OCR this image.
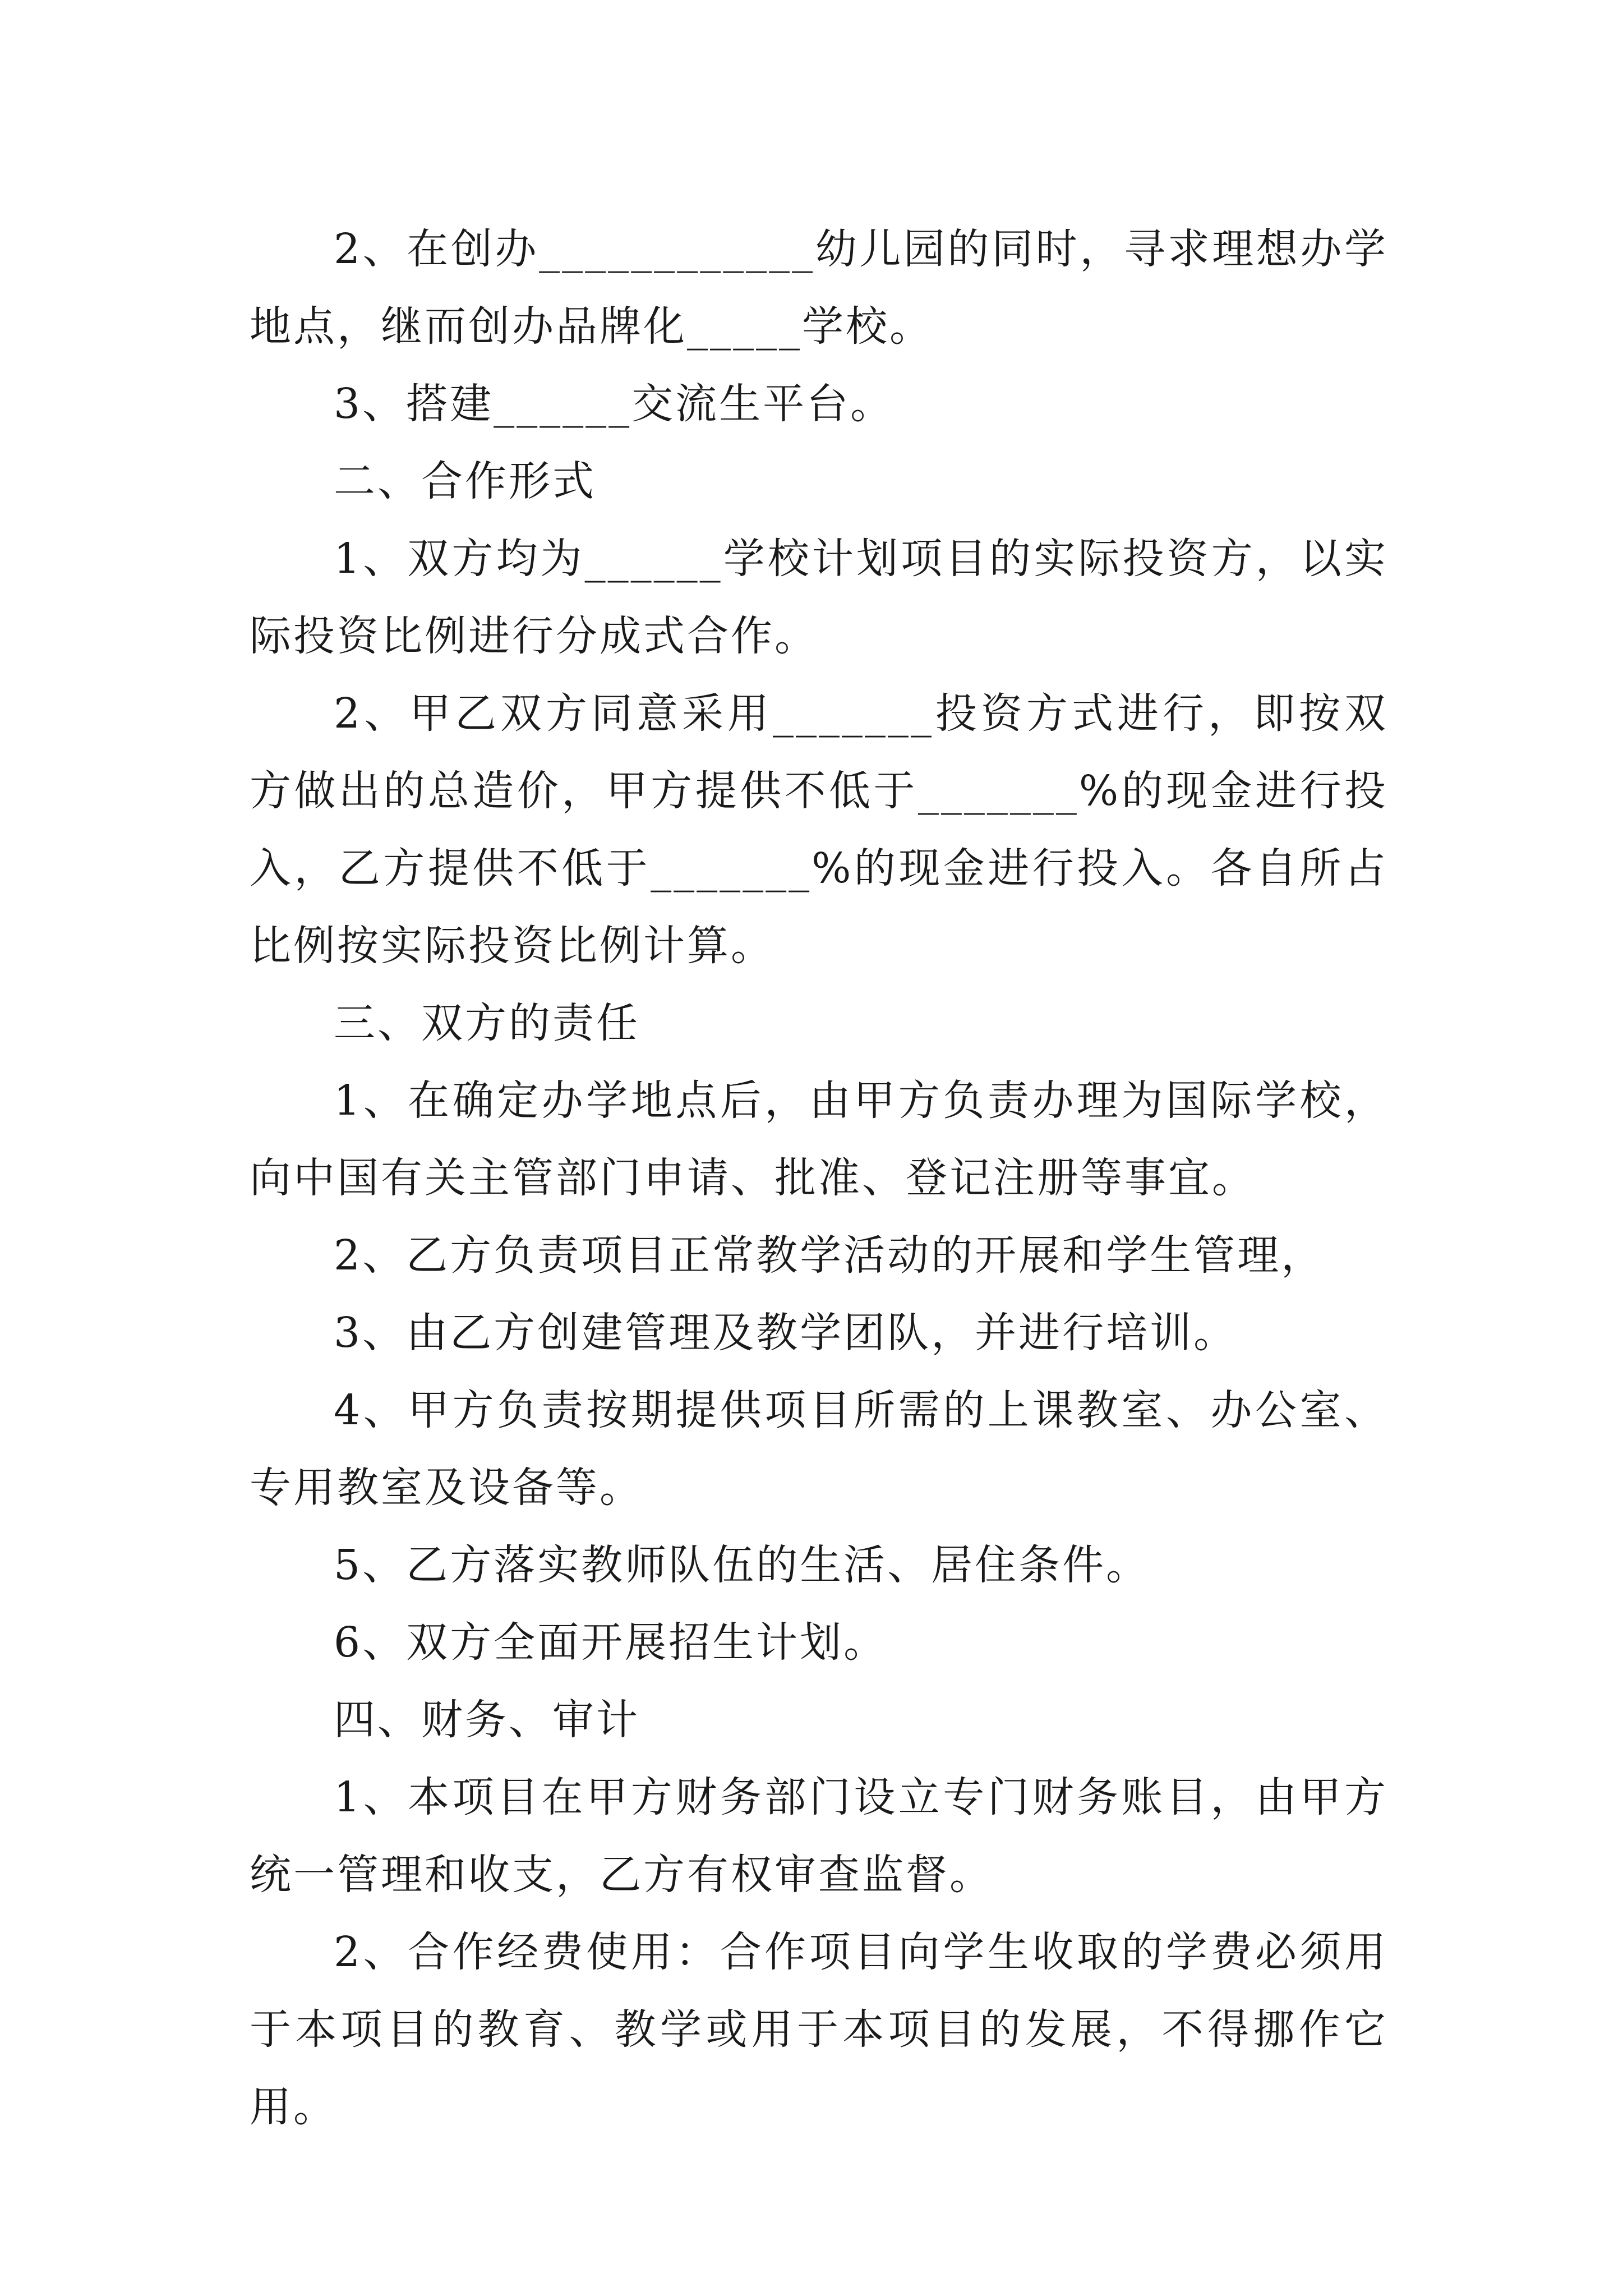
2、在创办____________幼儿园的同时，寻求理想办学地点，继而创办品牌化_____学校。

3、搭建______交流生平台。

二、合作形式

1、双方均为______学校计划项目的实际投资方，以实际投资比例进行分成式合作。

2、甲乙双方同意采用_______投资方式进行，即按双方做出的总造价，甲方提供不低于_______%的现金进行投入，乙方提供不低于_______%的现金进行投入。各自所占比例按实际投资比例计算。

三、双方的责任

1、在确定办学地点后，由甲方负责办理为国际学校，向中国有关主管部门申请、批准、登记注册等事宜。

2、乙方负责项目正常教学活动的开展和学生管理，

3、由乙方创建管理及教学团队，并进行培训。

4、甲方负责按期提供项目所需的上课教室、办公室、专用教室及设备等。

5、乙方落实教师队伍的生活、居住条件。

6、双方全面开展招生计划。

四、财务、审计

1、本项目在甲方财务部门设立专门财务账目，由甲方统一管理和收支，乙方有权审查监督。

2、合作经费使用：合作项目向学生收取的学费必须用于本项目的教育、教学或用于本项目的发展，不得挪作它用。
